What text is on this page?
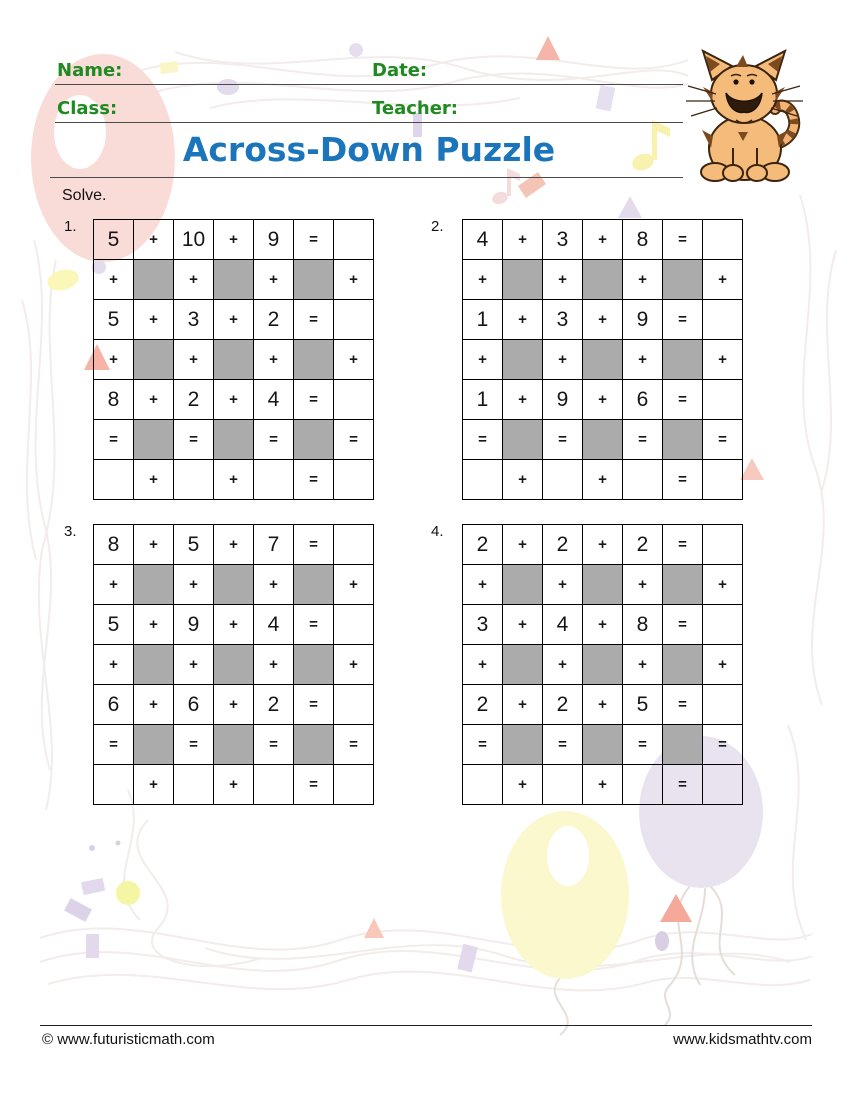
Name:	Date:
Class:	Teacher:
Across-Down Puzzle
Solve.
1.
5	+	10	+	9	=	
+		+		+		+
5	+	3	+	2	=	
+		+		+		+
8	+	2	+	4	=	
=		=		=		=
	+		+		=	
2.
4	+	3	+	8	=	
+		+		+		+
1	+	3	+	9	=	
+		+		+		+
1	+	9	+	6	=	
=		=		=		=
	+		+		=	
3.
8	+	5	+	7	=	
+		+		+		+
5	+	9	+	4	=	
+		+		+		+
6	+	6	+	2	=	
=		=		=		=
	+		+		=	
4.
2	+	2	+	2	=	
+		+		+		+
3	+	4	+	8	=	
+		+		+		+
2	+	2	+	5	=	
=		=		=		=
	+		+		=	
© www.futuristicmath.com	www.kidsmathtv.com
